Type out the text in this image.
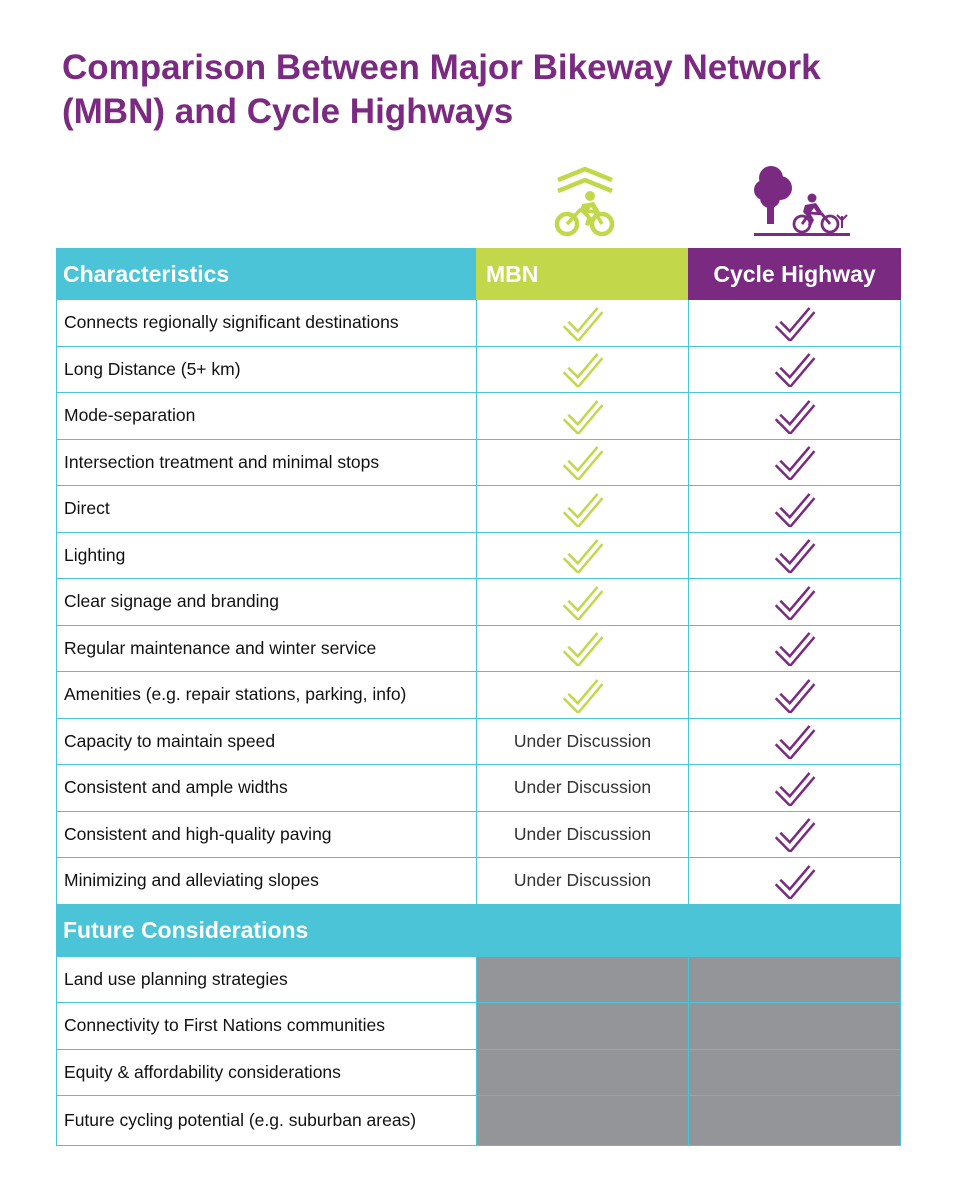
Comparison Between Major Bikeway Network
(MBN) and Cycle Highways
Characteristics	MBN	Cycle Highway
Connects regionally significant destinations
Long Distance (5+ km)
Mode-separation
Intersection treatment and minimal stops
Direct
Lighting
Clear signage and branding
Regular maintenance and winter service
Amenities (e.g. repair stations, parking, info)
Capacity to maintain speed	Under Discussion
Consistent and ample widths	Under Discussion
Consistent and high-quality paving	Under Discussion
Minimizing and alleviating slopes	Under Discussion
Future Considerations
Land use planning strategies
Connectivity to First Nations communities
Equity & affordability considerations
Future cycling potential (e.g. suburban areas)
